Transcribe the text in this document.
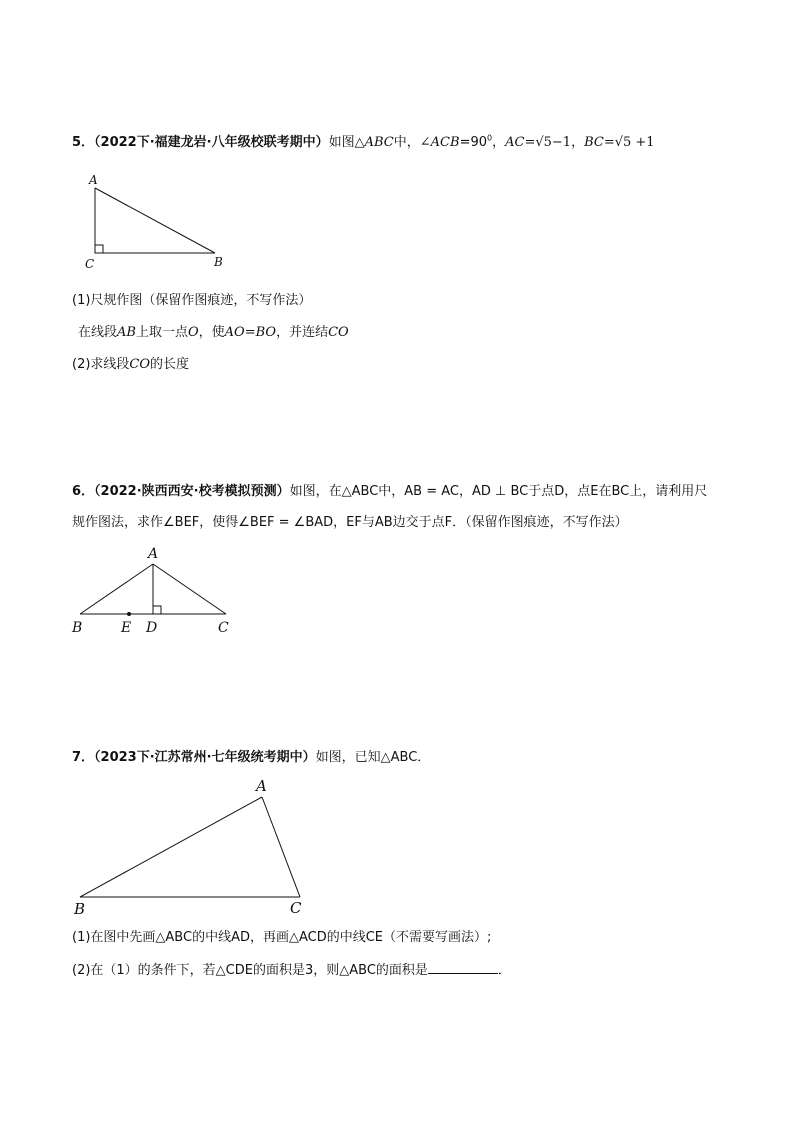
5．（2022下·福建龙岩·八年级校联考期中）如图△ABC中，$\angle ACB=90^0$，AC=√5−1，BC=√5 +1
A
C	B
(1)尺规作图（保留作图痕迹，不写作法）
在线段AB上取一点O，使AO=BO，并连结CO
(2)求线段CO的长度
6．（2022·陕西西安·校考模拟预测）如图，在△ABC中，AB = AC，AD ⊥ BC于点D，点E在BC上，请利用尺
规作图法，求作∠BEF，使得∠BEF = ∠BAD，EF与AB边交于点F．（保留作图痕迹，不写作法）
A
B	E D	C
7．（2023下·江苏常州·七年级统考期中）如图，已知△ABC．
A
B	C
(1)在图中先画△ABC的中线AD，再画△ACD的中线CE（不需要写画法）;
(2)在（1）的条件下，若△CDE的面积是3，则△ABC的面积是	．
